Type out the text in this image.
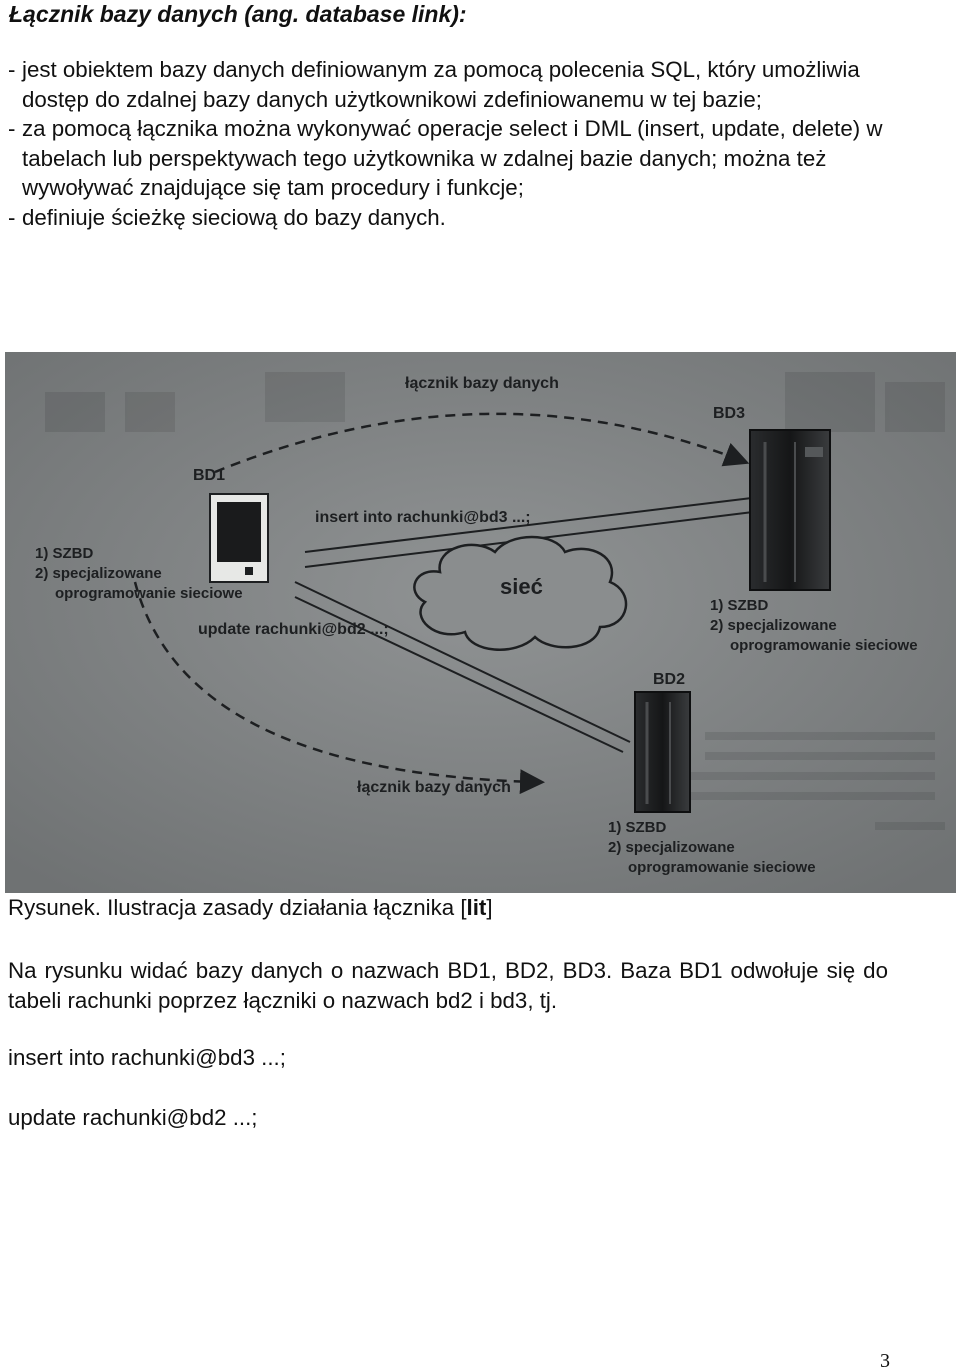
Łącznik bazy danych (ang. database link):
- jest obiektem bazy danych definiowanym za pomocą polecenia SQL, który umożliwia dostęp do zdalnej bazy danych użytkownikowi zdefiniowanemu w tej bazie;
- za pomocą łącznika można wykonywać operacje select i DML (insert, update, delete) w tabelach lub perspektywach tego użytkownika w zdalnej bazie danych; można też wywoływać znajdujące się tam procedury i funkcje;
- definiuje ścieżkę sieciową do bazy danych.
sieć
łącznik bazy danych
BD3
BD1
insert into rachunki@bd3 ...;
1) SZBD
2) specjalizowane
oprogramowanie sieciowe
update rachunki@bd2 ...;
1) SZBD
2) specjalizowane
oprogramowanie sieciowe
BD2
łącznik bazy danych
1) SZBD
2) specjalizowane
oprogramowanie sieciowe
Rysunek. Ilustracja zasady działania łącznika [lit]
Na rysunku widać bazy danych o nazwach BD1, BD2, BD3. Baza BD1 odwołuje się do tabeli rachunki poprzez łączniki o nazwach bd2 i bd3, tj.
insert into rachunki@bd3 ...;
update rachunki@bd2 ...;
3
